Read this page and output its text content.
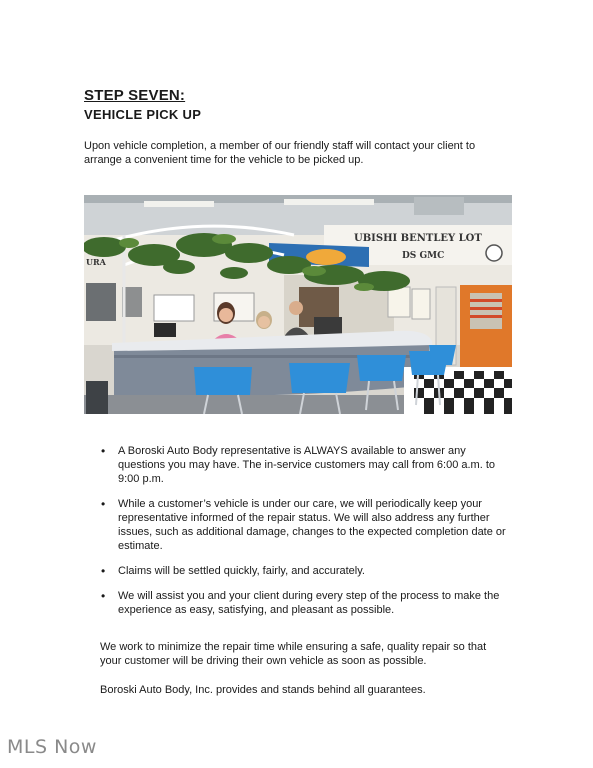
STEP SEVEN:
VEHICLE PICK UP

Upon vehicle completion, a member of our friendly staff will contact your client to arrange a convenient time for the vehicle to be picked up.

UBISHI BENTLEY LOT
DS GMC
URA
• A Boroski Auto Body representative is ALWAYS available to answer any questions you may have. The in-service customers may call from 6:00 a.m. to 9:00 p.m.
• While a customer’s vehicle is under our care, we will periodically keep your representative informed of the repair status. We will also address any further issues, such as additional damage, changes to the expected completion date or estimate.
• Claims will be settled quickly, fairly, and accurately.
• We will assist you and your client during every step of the process to make the experience as easy, satisfying, and pleasant as possible.

We work to minimize the repair time while ensuring a safe, quality repair so that your customer will be driving their own vehicle as soon as possible.

Boroski Auto Body, Inc. provides and stands behind all guarantees.

MLS Now
